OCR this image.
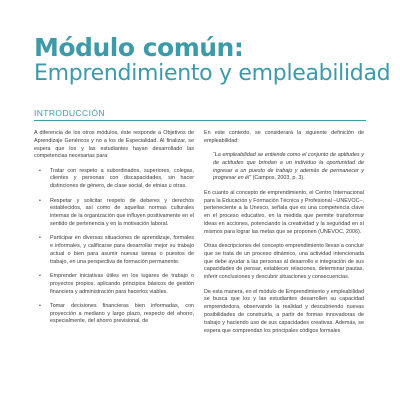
Módulo común:
Emprendimiento y empleabilidad
INTRODUCCIÓN

A diferencia de los otros módulos, éste responde a Objetivos de Aprendizaje Genéricos y no a los de Especialidad. Al finalizar, se espera que los y las estudiantes hayan desarrollado las competencias necesarias para:

• Tratar con respeto a subordinados, superiores, colegas, clientes y personas con discapacidades, sin hacer distinciones de género, de clase social, de etnias u otras.
• Respetar y solicitar respeto de deberes y derechos establecidos, así como de aquellas normas culturales internas de la organización que influyen positivamente en el sentido de pertenencia y en la motivación laboral.
• Participar en diversas situaciones de aprendizaje, formales e informales, y calificarse para desarrollar mejor su trabajo actual o bien para asumir nuevas tareas o puestos de trabajo, en una perspectiva de formación permanente.
• Emprender iniciativas útiles en los lugares de trabajo o proyectos propios, aplicando principios básicos de gestión financiera y administración para hacerlos viables.
• Tomar decisiones financieras bien informadas, con proyección a mediano y largo plazo, respecto del ahorro, especialmente, del ahorro previsional, de

En este contexto, se considerará la siguiente definición de empleabilidad:

“La empleabilidad se entiende como el conjunto de aptitudes y de actitudes que brindan a un individuo la oportunidad de ingresar a un puesto de trabajo y además de permanecer y progresar en él” (Campos, 2003, p. 3).

En cuanto al concepto de emprendimiento, el Centro Internacional para la Educación y Formación Técnica y Profesional –UNEVOC–, perteneciente a la Unesco, señala que es una competencia clave en el proceso educativo, en la medida que permite transformar ideas en acciones, potenciando la creatividad y la seguridad en sí mismos para lograr las metas que se proponen (UNEVOC, 2006).

Otras descripciones del concepto emprendimiento llevan a concluir que se trata de un proceso dinámico, una actividad intencionada que debe ayudar a las personas al desarrollo e integración de sus capacidades de pensar, establecer relaciones, determinar pautas, inferir conclusiones y descubrir situaciones y consecuencias.

De esta manera, en el módulo de Emprendimiento y empleabilidad se busca que los y las estudiantes desarrollen su capacidad emprendedora, observando la realidad y descubriendo nuevas posibilidades de construirla, a partir de formas innovadoras de trabajo y haciendo uso de sus capacidades creativas. Además, se espera que comprendan los principales códigos formales
